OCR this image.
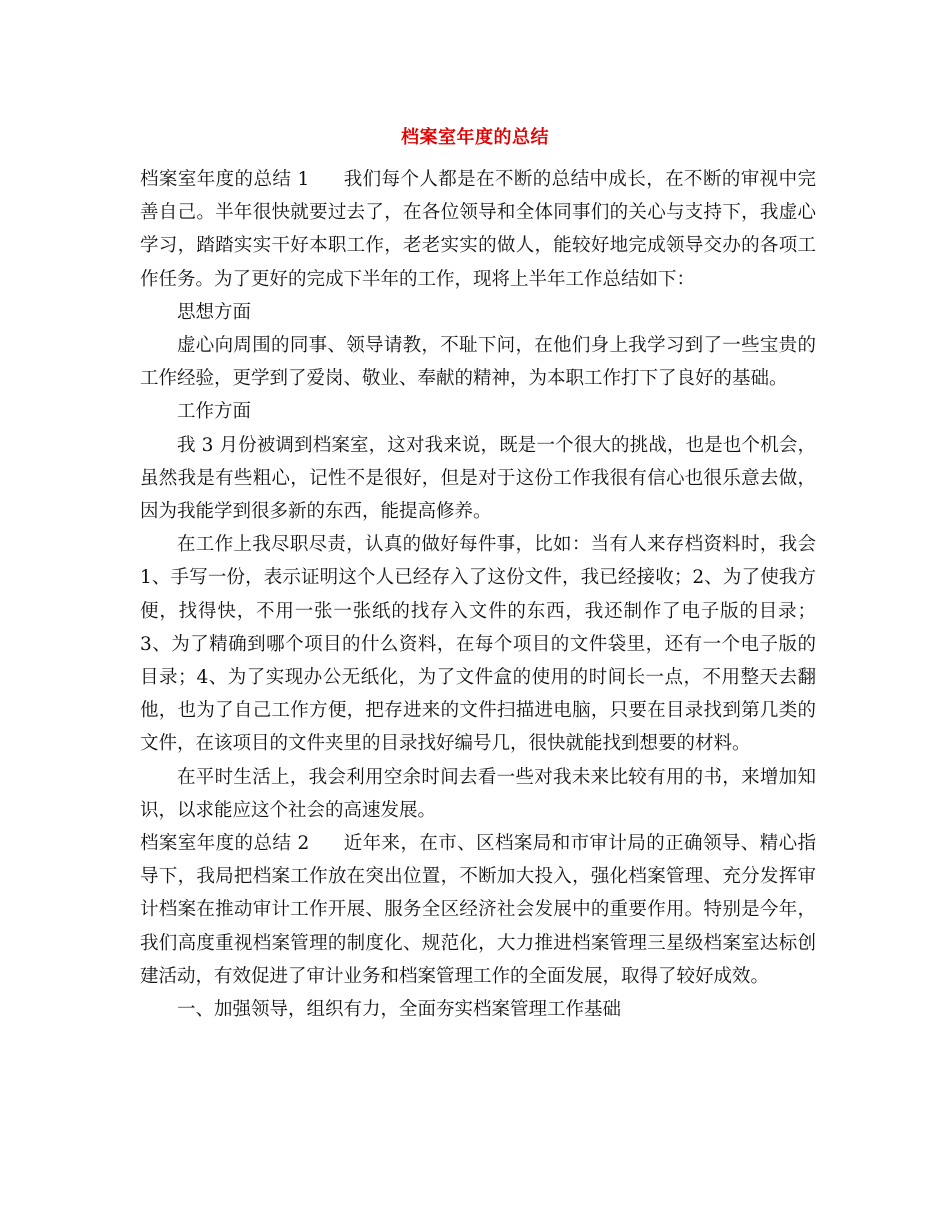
档案室年度的总结

档案室年度的总结 1 我们每个人都是在不断的总结中成长，在不断的审视中完善自己。半年很快就要过去了，在各位领导和全体同事们的关心与支持下，我虚心学习，踏踏实实干好本职工作，老老实实的做人，能较好地完成领导交办的各项工作任务。为了更好的完成下半年的工作，现将上半年工作总结如下：

思想方面

虚心向周围的同事、领导请教，不耻下问，在他们身上我学习到了一些宝贵的工作经验，更学到了爱岗、敬业、奉献的精神，为本职工作打下了良好的基础。

工作方面

我 3 月份被调到档案室，这对我来说，既是一个很大的挑战，也是也个机会，虽然我是有些粗心，记性不是很好，但是对于这份工作我很有信心也很乐意去做，因为我能学到很多新的东西，能提高修养。

在工作上我尽职尽责，认真的做好每件事，比如：当有人来存档资料时，我会 1、手写一份，表示证明这个人已经存入了这份文件，我已经接收；2、为了使我方便，找得快，不用一张一张纸的找存入文件的东西，我还制作了电子版的目录；3、为了精确到哪个项目的什么资料，在每个项目的文件袋里，还有一个电子版的目录；4、为了实现办公无纸化，为了文件盒的使用的时间长一点，不用整天去翻他，也为了自己工作方便，把存进来的文件扫描进电脑，只要在目录找到第几类的文件，在该项目的文件夹里的目录找好编号几，很快就能找到想要的材料。

在平时生活上，我会利用空余时间去看一些对我未来比较有用的书，来增加知识，以求能应这个社会的高速发展。

档案室年度的总结 2 近年来，在市、区档案局和市审计局的正确领导、精心指导下，我局把档案工作放在突出位置，不断加大投入，强化档案管理、充分发挥审计档案在推动审计工作开展、服务全区经济社会发展中的重要作用。特别是今年，我们高度重视档案管理的制度化、规范化，大力推进档案管理三星级档案室达标创建活动，有效促进了审计业务和档案管理工作的全面发展，取得了较好成效。

一、加强领导，组织有力，全面夯实档案管理工作基础
